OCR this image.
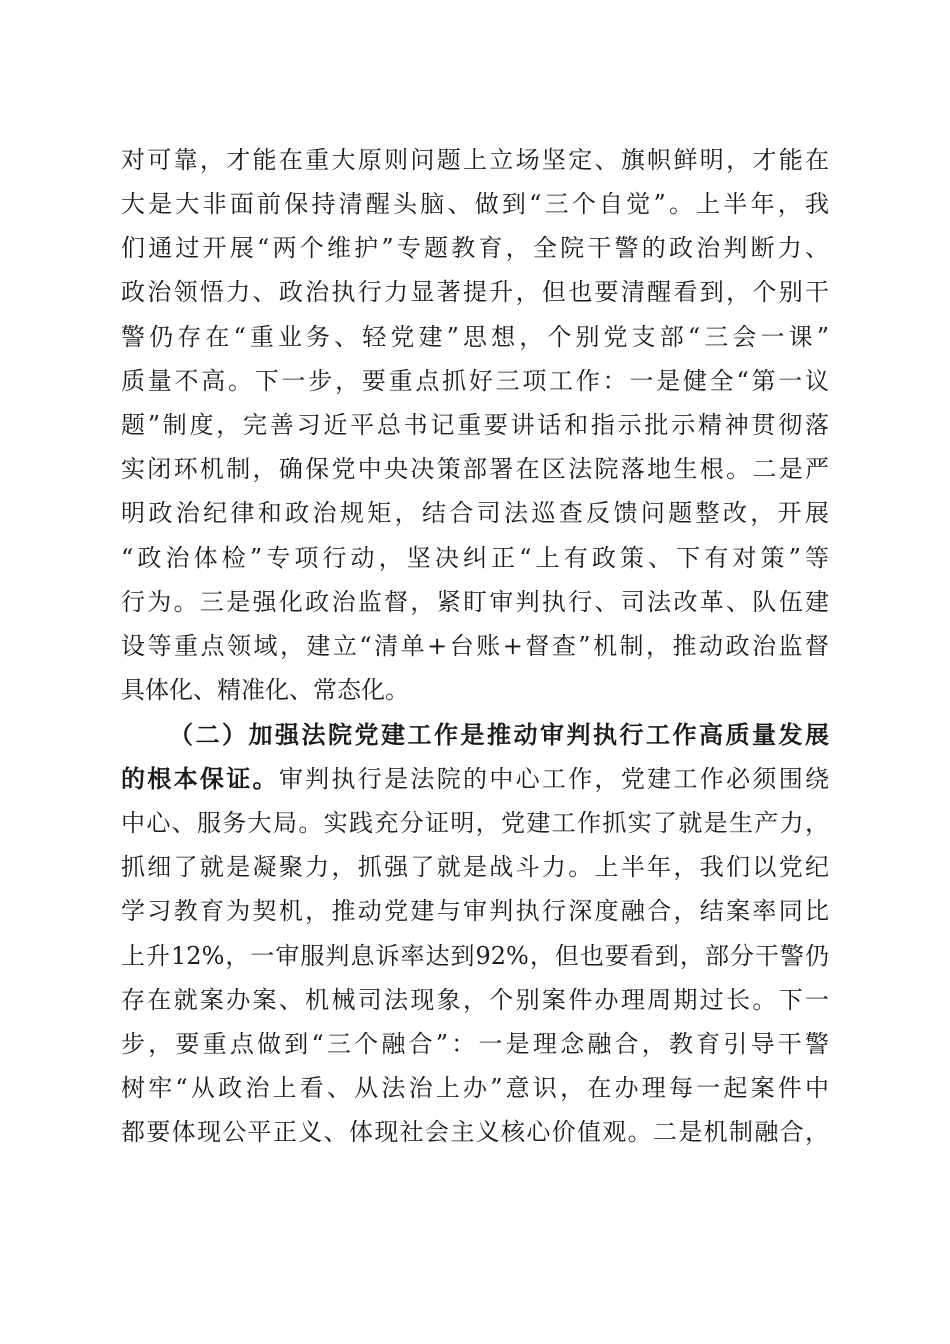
对可靠，才能在重大原则问题上立场坚定、旗帜鲜明，才能在
大是大非面前保持清醒头脑、做到“三个自觉”。上半年，我
们通过开展“两个维护”专题教育，全院干警的政治判断力、
政治领悟力、政治执行力显著提升，但也要清醒看到，个别干
警仍存在“重业务、轻党建”思想，个别党支部“三会一课”
质量不高。下一步，要重点抓好三项工作：一是健全“第一议
题”制度，完善习近平总书记重要讲话和指示批示精神贯彻落
实闭环机制，确保党中央决策部署在区法院落地生根。二是严
明政治纪律和政治规矩，结合司法巡查反馈问题整改，开展
“政治体检”专项行动，坚决纠正“上有政策、下有对策”等
行为。三是强化政治监督，紧盯审判执行、司法改革、队伍建
设等重点领域，建立“清单+台账+督查”机制，推动政治监督
具体化、精准化、常态化。
（二）加强法院党建工作是推动审判执行工作高质量发展
的根本保证。审判执行是法院的中心工作，党建工作必须围绕
中心、服务大局。实践充分证明，党建工作抓实了就是生产力，
抓细了就是凝聚力，抓强了就是战斗力。上半年，我们以党纪
学习教育为契机，推动党建与审判执行深度融合，结案率同比
上升12%，一审服判息诉率达到92%，但也要看到，部分干警仍
存在就案办案、机械司法现象，个别案件办理周期过长。下一
步，要重点做到“三个融合”：一是理念融合，教育引导干警
树牢“从政治上看、从法治上办”意识，在办理每一起案件中
都要体现公平正义、体现社会主义核心价值观。二是机制融合，
